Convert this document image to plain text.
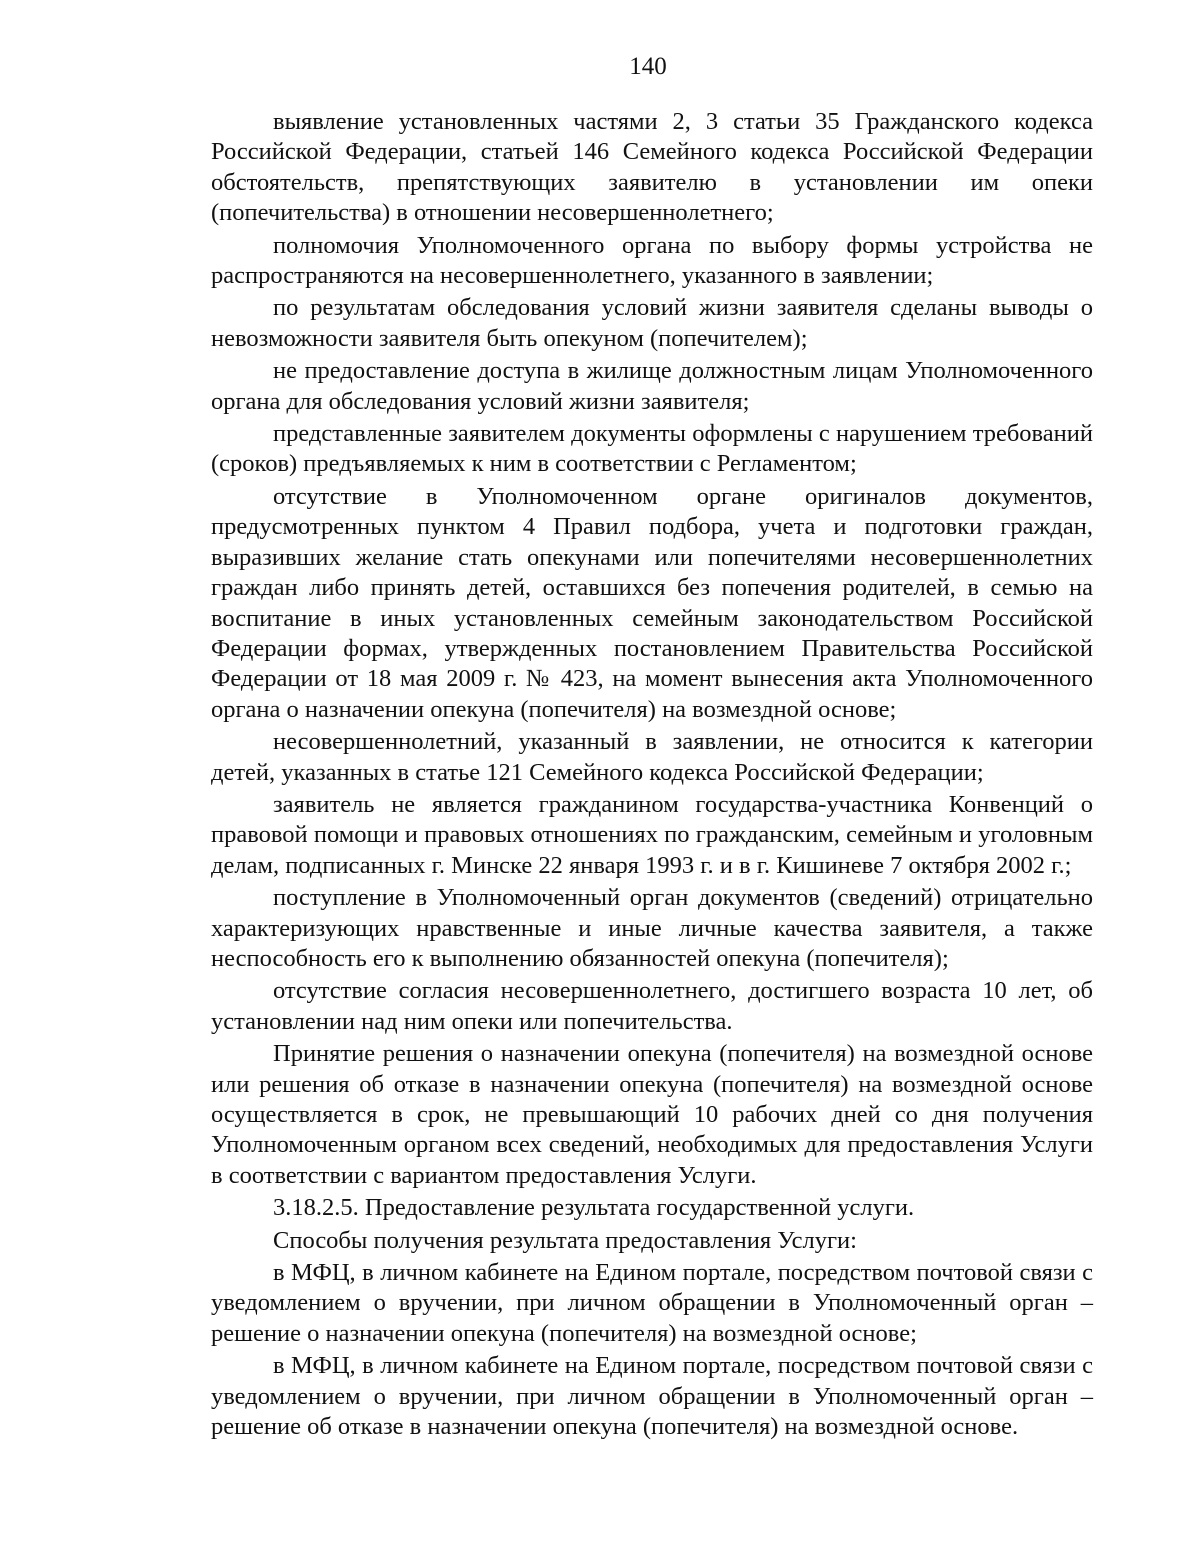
140

выявление установленных частями 2, 3 статьи 35 Гражданского кодекса Российской Федерации, статьей 146 Семейного кодекса Российской Федерации обстоятельств, препятствующих заявителю в установлении им опеки (попечительства) в отношении несовершеннолетнего;

полномочия Уполномоченного органа по выбору формы устройства не распространяются на несовершеннолетнего, указанного в заявлении;

по результатам обследования условий жизни заявителя сделаны выводы о невозможности заявителя быть опекуном (попечителем);

не предоставление доступа в жилище должностным лицам Уполномоченного органа для обследования условий жизни заявителя;

представленные заявителем документы оформлены с нарушением требований (сроков) предъявляемых к ним в соответствии с Регламентом;

отсутствие в Уполномоченном органе оригиналов документов, предусмотренных пунктом 4 Правил подбора, учета и подготовки граждан, выразивших желание стать опекунами или попечителями несовершеннолетних граждан либо принять детей, оставшихся без попечения родителей, в семью на воспитание в иных установленных семейным законодательством Российской Федерации формах, утвержденных постановлением Правительства Российской Федерации от 18 мая 2009 г. № 423, на момент вынесения акта Уполномоченного органа о назначении опекуна (попечителя) на возмездной основе;

несовершеннолетний, указанный в заявлении, не относится к категории детей, указанных в статье 121 Семейного кодекса Российской Федерации;

заявитель не является гражданином государства-участника Конвенций о правовой помощи и правовых отношениях по гражданским, семейным и уголовным делам, подписанных г. Минске 22 января 1993 г. и в г. Кишиневе 7 октября 2002 г.;

поступление в Уполномоченный орган документов (сведений) отрицательно характеризующих нравственные и иные личные качества заявителя, а также неспособность его к выполнению обязанностей опекуна (попечителя);

отсутствие согласия несовершеннолетнего, достигшего возраста 10 лет, об установлении над ним опеки или попечительства.

Принятие решения о назначении опекуна (попечителя) на возмездной основе или решения об отказе в назначении опекуна (попечителя) на возмездной основе осуществляется в срок, не превышающий 10 рабочих дней со дня получения Уполномоченным органом всех сведений, необходимых для предоставления Услуги в соответствии с вариантом предоставления Услуги.

3.18.2.5. Предоставление результата государственной услуги.

Способы получения результата предоставления Услуги:

в МФЦ, в личном кабинете на Едином портале, посредством почтовой связи с уведомлением о вручении, при личном обращении в Уполномоченный орган – решение о назначении опекуна (попечителя) на возмездной основе;

в МФЦ, в личном кабинете на Едином портале, посредством почтовой связи с уведомлением о вручении, при личном обращении в Уполномоченный орган – решение об отказе в назначении опекуна (попечителя) на возмездной основе.
